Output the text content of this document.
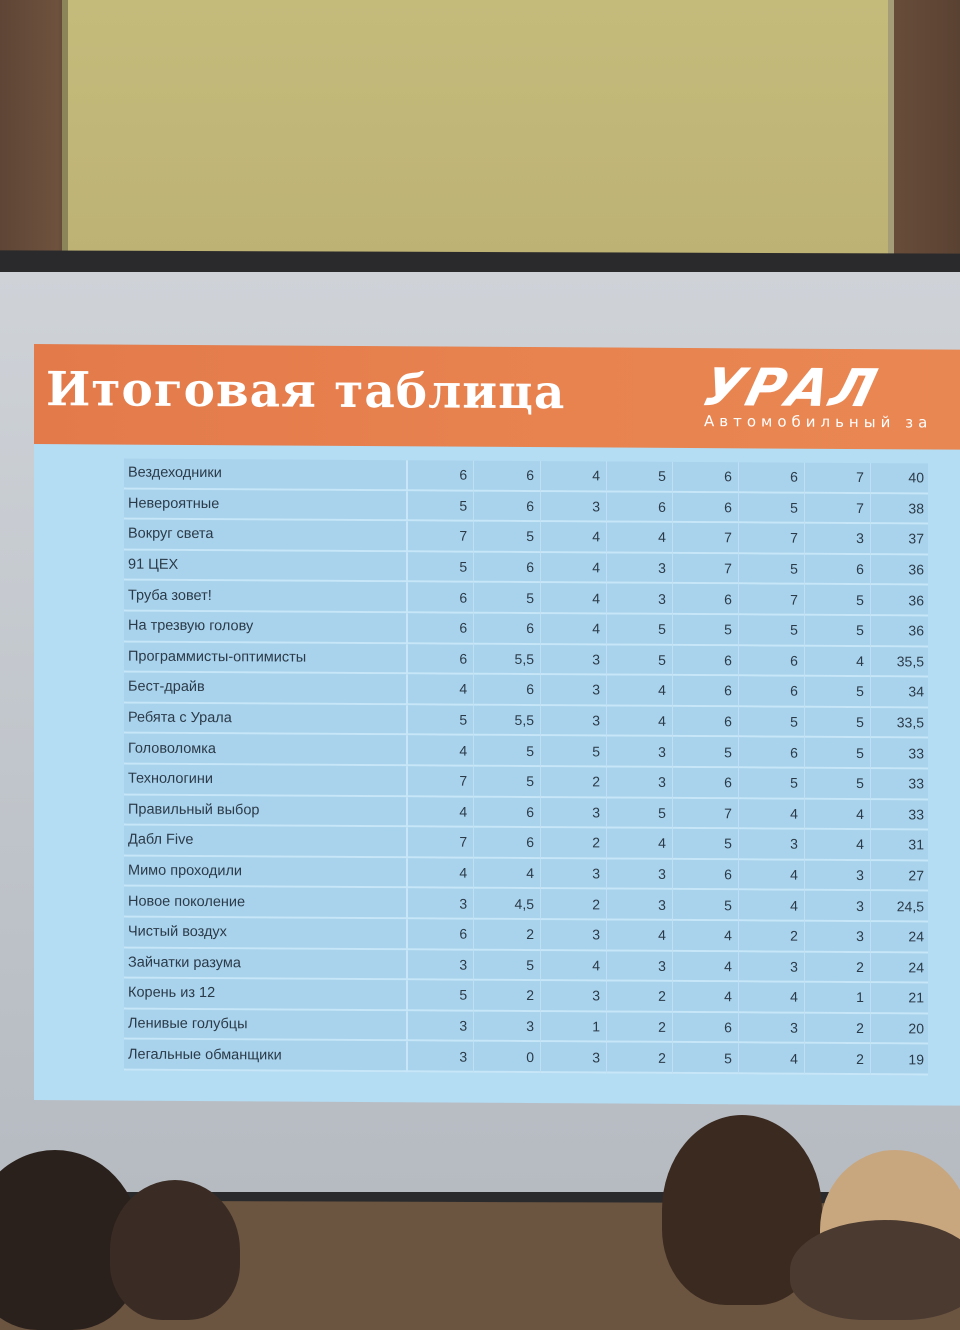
Итоговая таблица	УРАЛ
Автомобильный за
Вездеходники	6	6	4	5	6	6	7	40
Невероятные	5	6	3	6	6	5	7	38
Вокруг света	7	5	4	4	7	7	3	37
91 ЦЕХ	5	6	4	3	7	5	6	36
Труба зовет!	6	5	4	3	6	7	5	36
На трезвую голову	6	6	4	5	5	5	5	36
Программисты-оптимисты	6	5,5	3	5	6	6	4	35,5
Бест-драйв	4	6	3	4	6	6	5	34
Ребята с Урала	5	5,5	3	4	6	5	5	33,5
Головоломка	4	5	5	3	5	6	5	33
Технологини	7	5	2	3	6	5	5	33
Правильный выбор	4	6	3	5	7	4	4	33
Дабл Five	7	6	2	4	5	3	4	31
Мимо проходили	4	4	3	3	6	4	3	27
Новое поколение	3	4,5	2	3	5	4	3	24,5
Чистый воздух	6	2	3	4	4	2	3	24
Зайчатки разума	3	5	4	3	4	3	2	24
Корень из 12	5	2	3	2	4	4	1	21
Ленивые голубцы	3	3	1	2	6	3	2	20
Легальные обманщики	3	0	3	2	5	4	2	19
